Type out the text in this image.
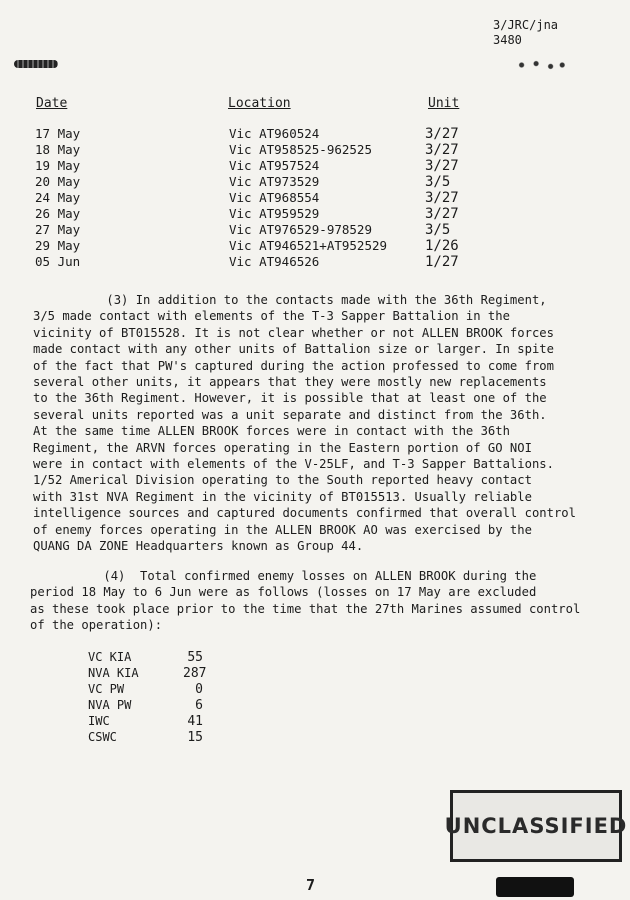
3/JRC/jna
3480
Date	Location	Unit
17 May	Vic AT960524	3/27
18 May	Vic AT958525-962525	3/27
19 May	Vic AT957524	3/27
20 May	Vic AT973529	3/5
24 May	Vic AT968554	3/27
26 May	Vic AT959529	3/27
27 May	Vic AT976529-978529	3/5
29 May	Vic AT946521+AT952529	1/26
05 Jun	Vic AT946526	1/27
(3) In addition to the contacts made with the 36th Regiment,
3/5 made contact with elements of the T-3 Sapper Battalion in the
vicinity of BT015528. It is not clear whether or not ALLEN BROOK forces
made contact with any other units of Battalion size or larger. In spite
of the fact that PW's captured during the action professed to come from
several other units, it appears that they were mostly new replacements
to the 36th Regiment. However, it is possible that at least one of the
several units reported was a unit separate and distinct from the 36th.
At the same time ALLEN BROOK forces were in contact with the 36th
Regiment, the ARVN forces operating in the Eastern portion of GO NOI
were in contact with elements of the V-25LF, and T-3 Sapper Battalions.
1/52 Americal Division operating to the South reported heavy contact
with 31st NVA Regiment in the vicinity of BT015513. Usually reliable
intelligence sources and captured documents confirmed that overall control
of enemy forces operating in the ALLEN BROOK AO was exercised by the
QUANG DA ZONE Headquarters known as Group 44.
(4)  Total confirmed enemy losses on ALLEN BROOK during the
period 18 May to 6 Jun were as follows (losses on 17 May are excluded
as these took place prior to the time that the 27th Marines assumed control
of the operation):
VC KIA	55
NVA KIA	287
VC PW	0
NVA PW	6
IWC	41
CSWC	15
UNCLASSIFIED
7
